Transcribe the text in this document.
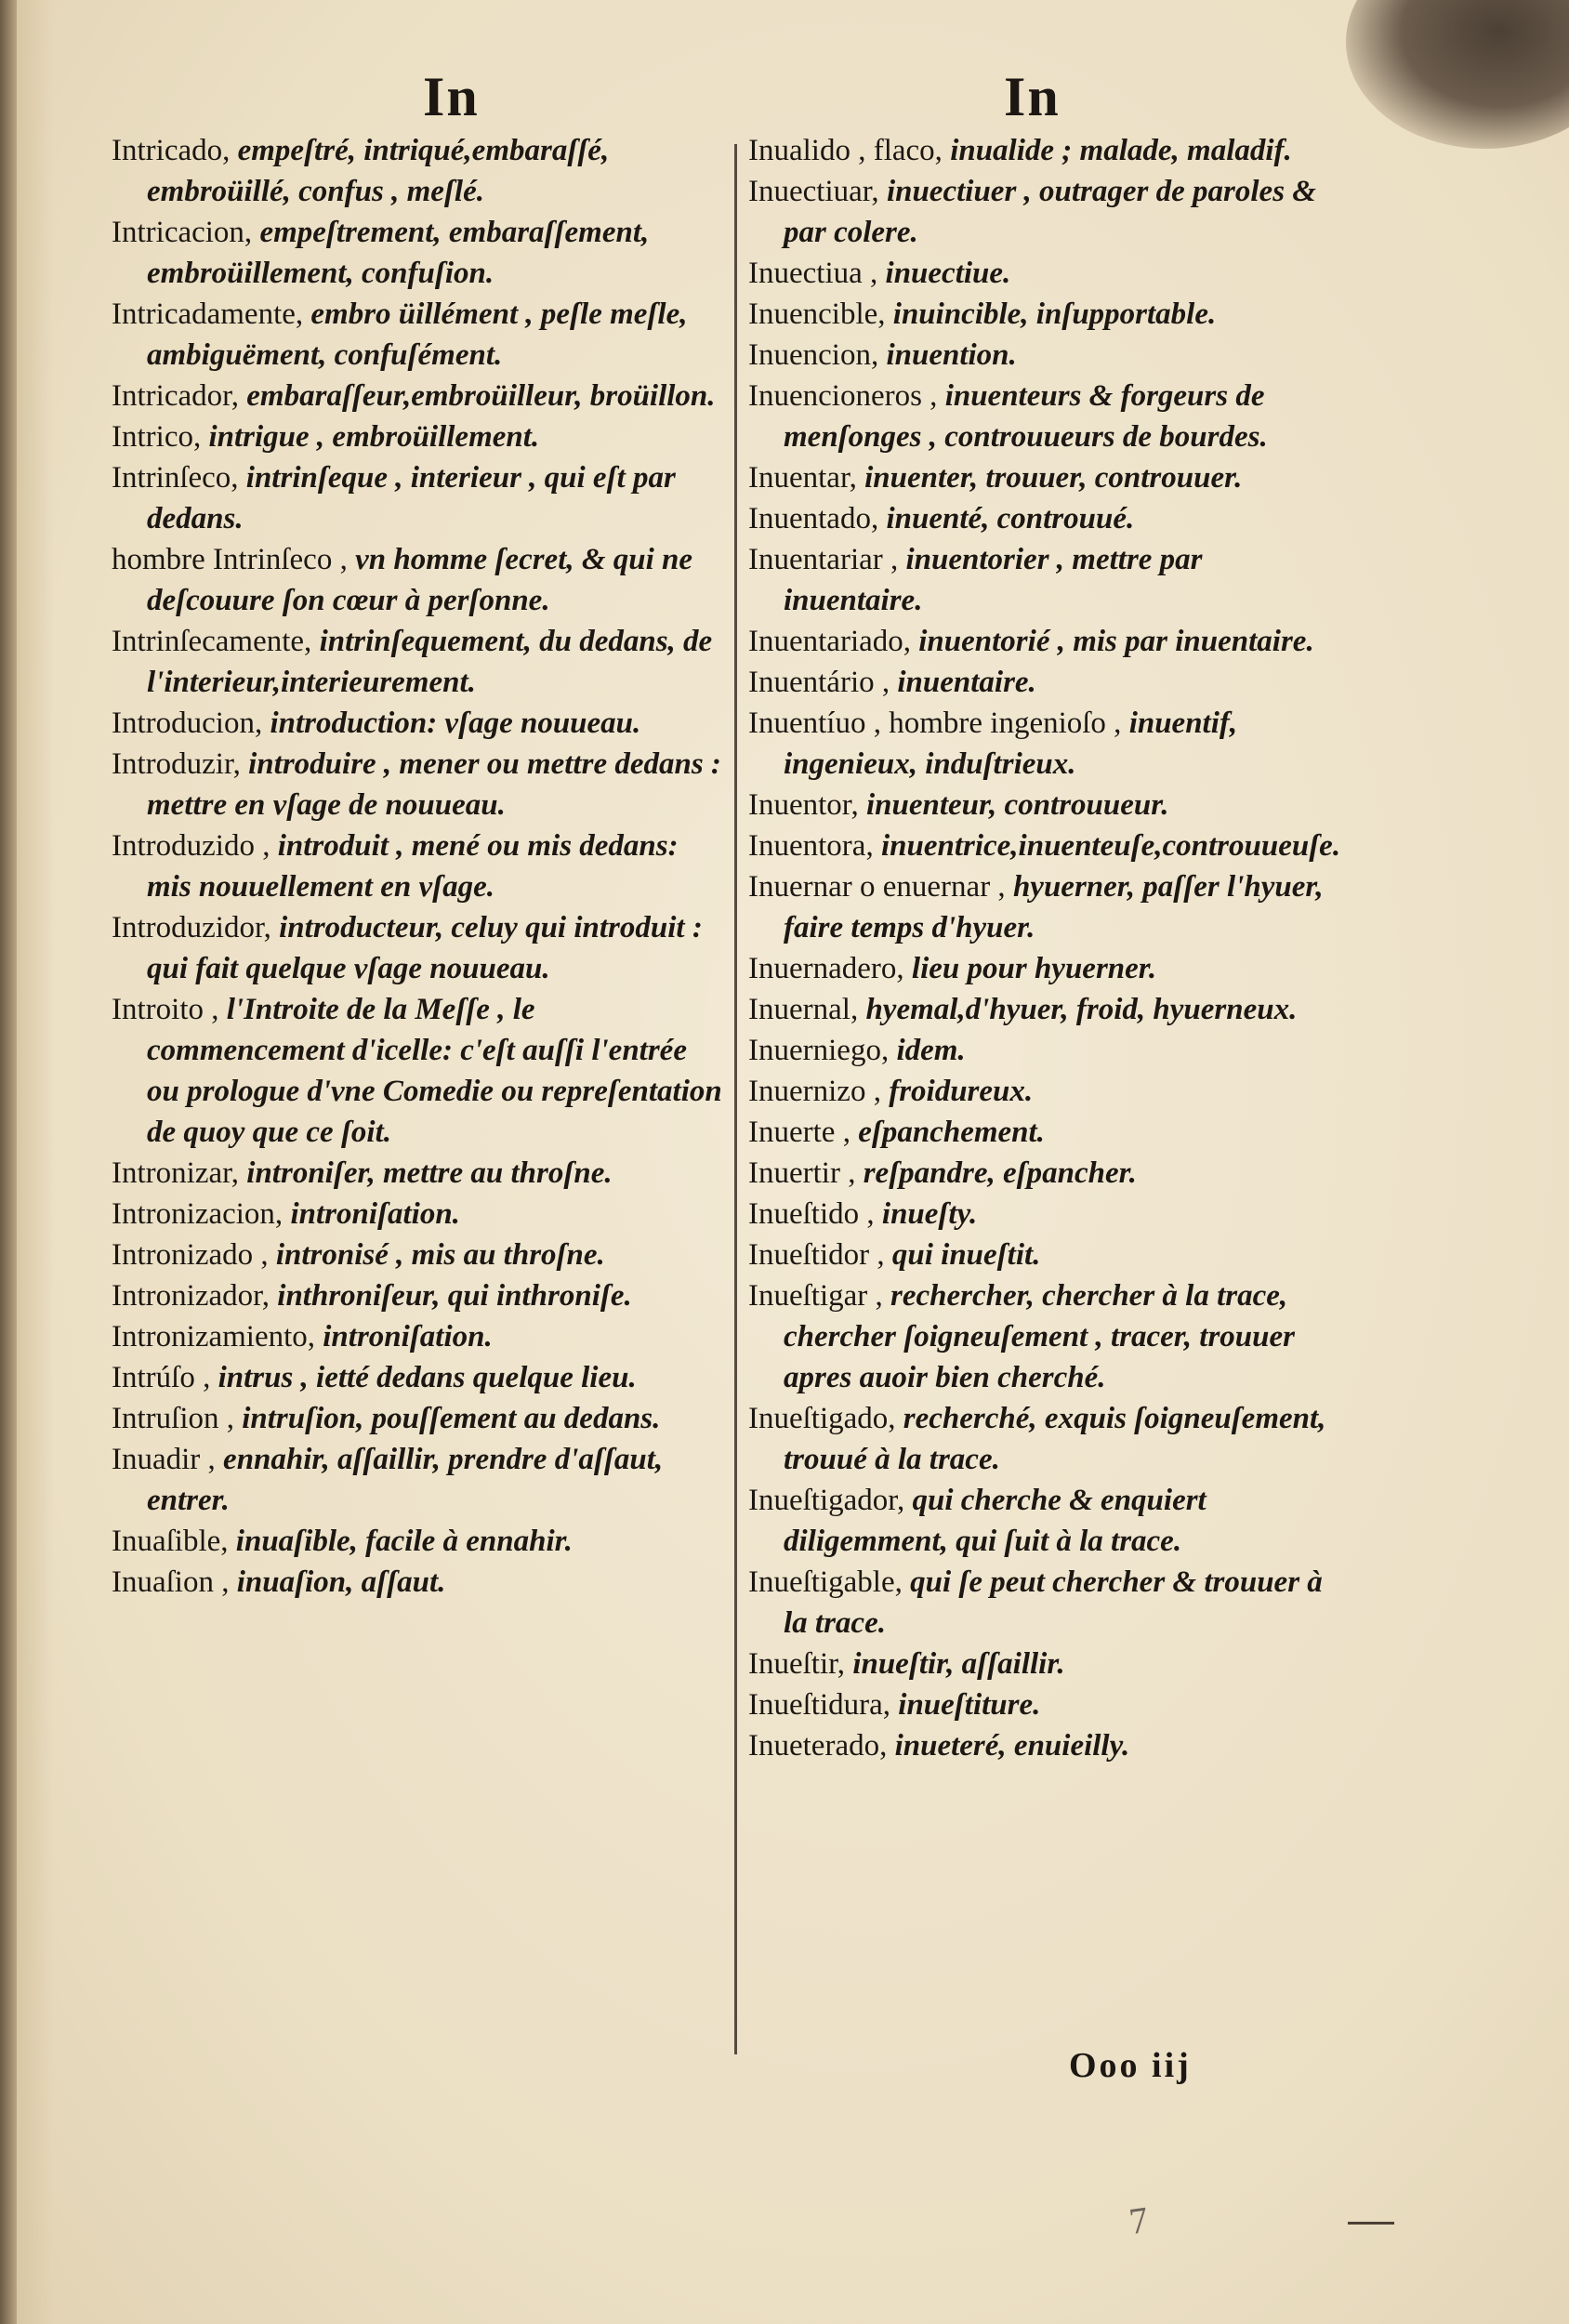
In	In
Intricado, empeſtré, intriqué,embaraſſé, embroüillé, confus , meſlé.
Intricacion, empeſtrement, embaraſſement, embroüillement, confuſion.
Intricadamente, embro üillément , peſle meſle, ambiguëment, confuſément.
Intricador, embaraſſeur,embroüilleur, broüillon.
Intrico, intrigue , embroüillement.
Intrinſeco, intrinſeque , interieur , qui eſt par dedans.
hombre Intrinſeco , vn homme ſecret, & qui ne deſcouure ſon cœur à perſonne.
Intrinſecamente, intrinſequement, du dedans, de l'interieur,interieurement.
Introducion, introduction: vſage nouueau.
Introduzir, introduire , mener ou mettre dedans : mettre en vſage de nouueau.
Introduzido , introduit , mené ou mis dedans: mis nouuellement en vſage.
Introduzidor, introducteur, celuy qui introduit : qui fait quelque vſage nouueau.
Introito , l'Introite de la Meſſe , le commencement d'icelle: c'eſt auſſi l'entrée ou prologue d'vne Comedie ou repreſentation de quoy que ce ſoit.
Intronizar, introniſer, mettre au throſne.
Intronizacion, introniſation.
Intronizado , intronisé , mis au throſne.
Intronizador, inthroniſeur, qui inthroniſe.
Intronizamiento, introniſation.
Intrúſo , intrus , ietté dedans quelque lieu.
Intruſion , intruſion, pouſſement au dedans.
Inuadir , ennahir, aſſaillir, prendre d'aſſaut, entrer.
Inuaſible, inuaſible, facile à ennahir.
Inuaſion , inuaſion, aſſaut.
Inualido , flaco, inualide ; malade, maladif.
Inuectiuar, inuectiuer , outrager de paroles & par colere.
Inuectiua , inuectiue.
Inuencible, inuincible, inſupportable.
Inuencion, inuention.
Inuencioneros , inuenteurs & forgeurs de menſonges , controuueurs de bourdes.
Inuentar, inuenter, trouuer, controuuer.
Inuentado, inuenté, controuué.
Inuentariar , inuentorier , mettre par inuentaire.
Inuentariado, inuentorié , mis par inuentaire.
Inuentário , inuentaire.
Inuentíuo , hombre ingenioſo , inuentif, ingenieux, induſtrieux.
Inuentor, inuenteur, controuueur.
Inuentora, inuentrice,inuenteuſe,controuueuſe.
Inuernar o enuernar , hyuerner, paſſer l'hyuer, faire temps d'hyuer.
Inuernadero, lieu pour hyuerner.
Inuernal, hyemal,d'hyuer, froid, hyuerneux.
Inuerniego, idem.
Inuernizo , froidureux.
Inuerte , eſpanchement.
Inuertir , reſpandre, eſpancher.
Inueſtido , inueſty.
Inueſtidor , qui inueſtit.
Inueſtigar , rechercher, chercher à la trace, chercher ſoigneuſement , tracer, trouuer apres auoir bien cherché.
Inueſtigado, recherché, exquis ſoigneuſement, trouué à la trace.
Inueſtigador, qui cherche & enquiert diligemment, qui ſuit à la trace.
Inueſtigable, qui ſe peut chercher & trouuer à la trace.
Inueſtir, inueſtir, aſſaillir.
Inueſtidura, inueſtiture.
Inueterado, inueteré, enuieilly.
Ooo iij
7
